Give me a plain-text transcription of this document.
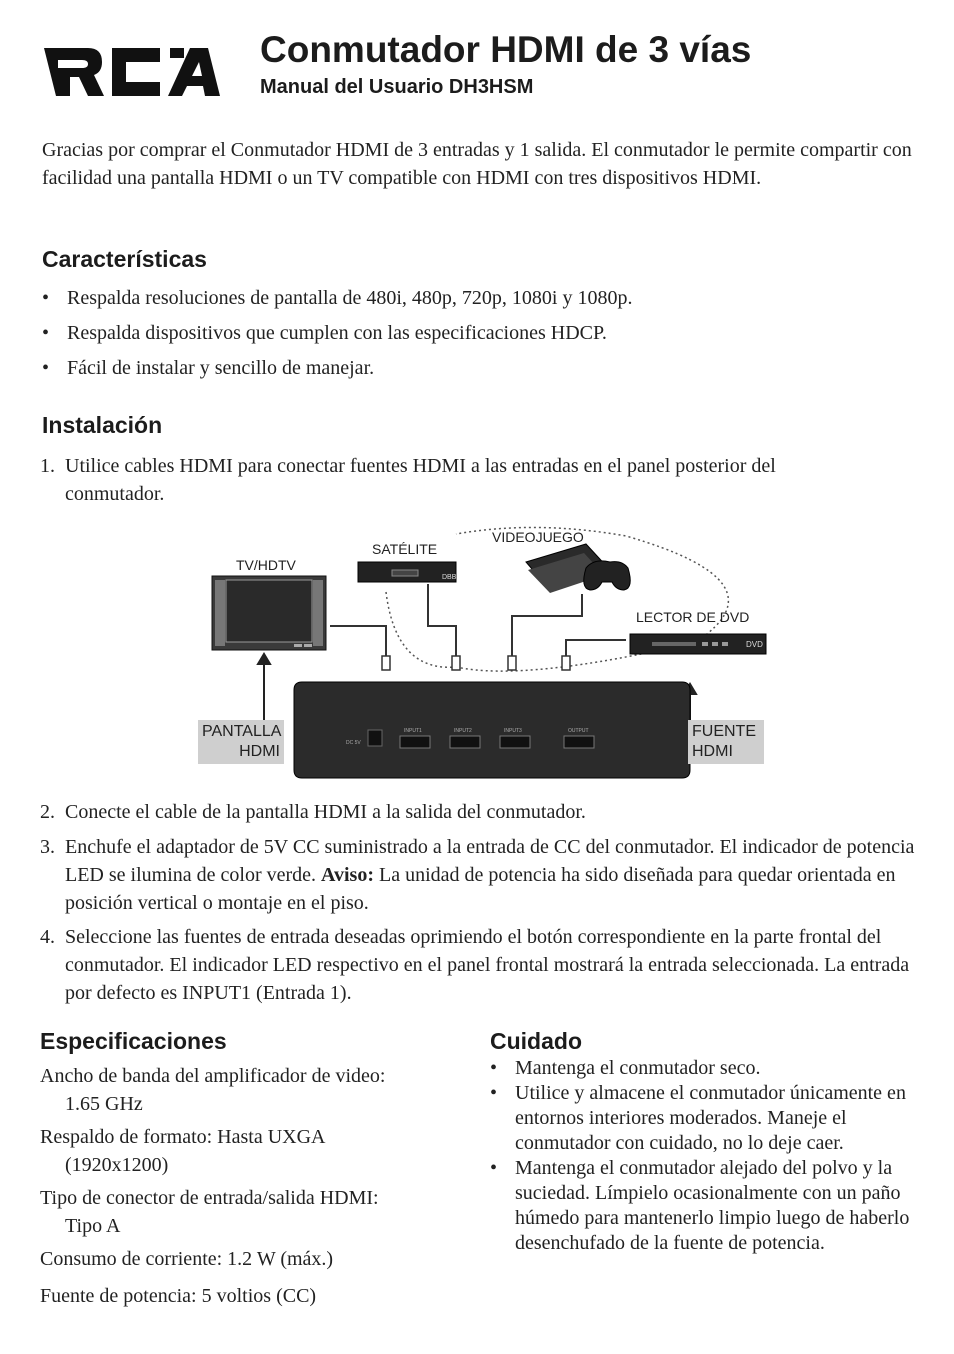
Conmutador HDMI de 3 vías
Manual del Usuario DH3HSM
Gracias por comprar el Conmutador HDMI de 3 entradas y 1 salida. El conmutador le permite compartir con facilidad una pantalla HDMI o un TV compatible con HDMI con tres dispositivos HDMI.
Características
• Respalda resoluciones de pantalla de 480i, 480p, 720p, 1080i y 1080p.
• Respalda dispositivos que cumplen con las especificaciones HDCP.
• Fácil de instalar y sencillo de manejar.
Instalación
1. Utilice cables HDMI para conectar fuentes HDMI a las entradas en el panel posterior del conmutador.
TV/HDTV
DBB
SATÉLITE
VIDEOJUEGO
DVD
LECTOR DE DVD
DC 5V
INPUT1	INPUT2	INPUT3	OUTPUT
PANTALLA
HDMI
FUENTE
HDMI
2. Conecte el cable de la pantalla HDMI a la salida del conmutador.
3. Enchufe el adaptador de 5V CC suministrado a la entrada de CC del conmutador. El indicador de potencia LED se ilumina de color verde. Aviso: La unidad de potencia ha sido diseñada para quedar orientada en posición vertical o montaje en el piso.
4. Seleccione las fuentes de entrada deseadas oprimiendo el botón correspondiente en la parte frontal del conmutador. El indicador LED respectivo en el panel frontal mostrará la entrada seleccionada. La entrada por defecto es INPUT1 (Entrada 1).
Especificaciones
Ancho de banda del amplificador de video:
1.65 GHz
Respaldo de formato: Hasta UXGA
(1920x1200)
Tipo de conector de entrada/salida HDMI:
Tipo A
Consumo de corriente: 1.2 W (máx.)
Fuente de potencia: 5 voltios (CC)
Cuidado
• Mantenga el conmutador seco.
• Utilice y almacene el conmutador únicamente en entornos interiores moderados. Maneje el conmutador con cuidado, no lo deje caer.
• Mantenga el conmutador alejado del polvo y la suciedad. Límpielo ocasionalmente con un paño húmedo para mantenerlo limpio luego de haberlo desenchufado de la fuente de potencia.
